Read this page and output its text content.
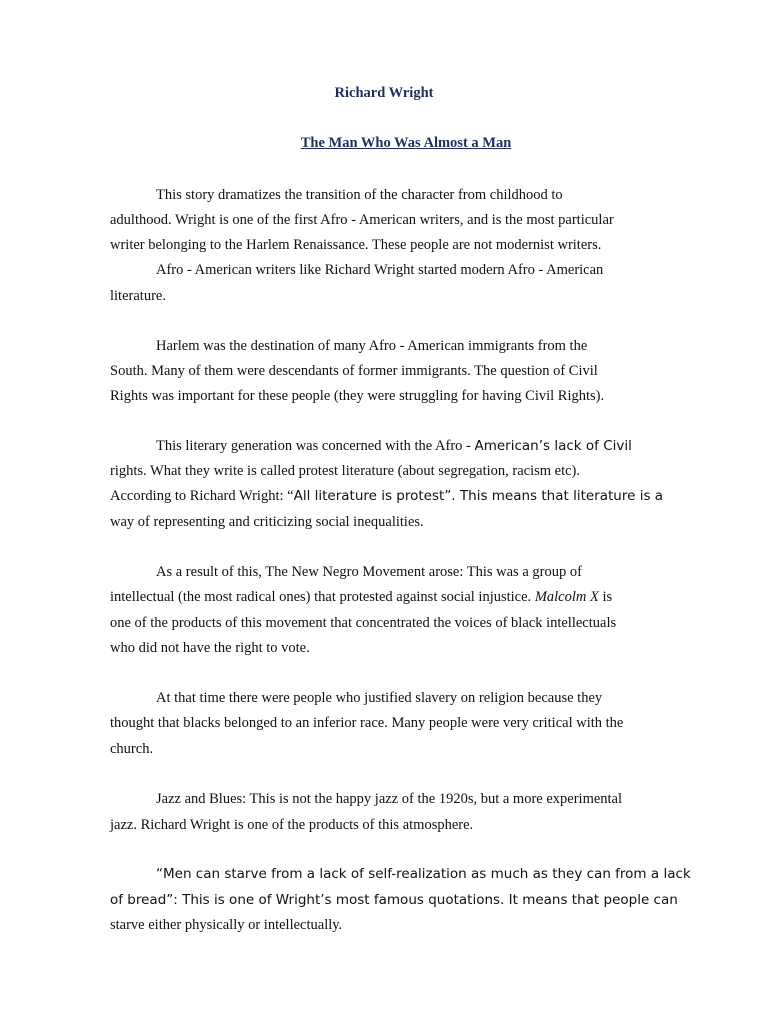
Richard Wright
The Man Who Was Almost a Man
This story dramatizes the transition of the character from childhood to
adulthood. Wright is one of the first Afro - American writers, and is the most particular
writer belonging to the Harlem Renaissance. These people are not modernist writers.
Afro - American writers like Richard Wright started modern Afro - American
literature.
Harlem was the destination of many Afro - American immigrants from the
South. Many of them were descendants of former immigrants. The question of Civil
Rights was important for these people (they were struggling for having Civil Rights).
This literary generation was concerned with the Afro - American’s lack of Civil
rights. What they write is called protest literature (about segregation, racism etc).
According to Richard Wright: “All literature is protest”. This means that literature is a
way of representing and criticizing social inequalities.
As a result of this, The New Negro Movement arose: This was a group of
intellectual (the most radical ones) that protested against social injustice. Malcolm X is
one of the products of this movement that concentrated the voices of black intellectuals
who did not have the right to vote.
At that time there were people who justified slavery on religion because they
thought that blacks belonged to an inferior race. Many people were very critical with the
church.
Jazz and Blues: This is not the happy jazz of the 1920s, but a more experimental
jazz. Richard Wright is one of the products of this atmosphere.
“Men can starve from a lack of self-realization as much as they can from a lack
of bread”: This is one of Wright’s most famous quotations. It means that people can
starve either physically or intellectually.
